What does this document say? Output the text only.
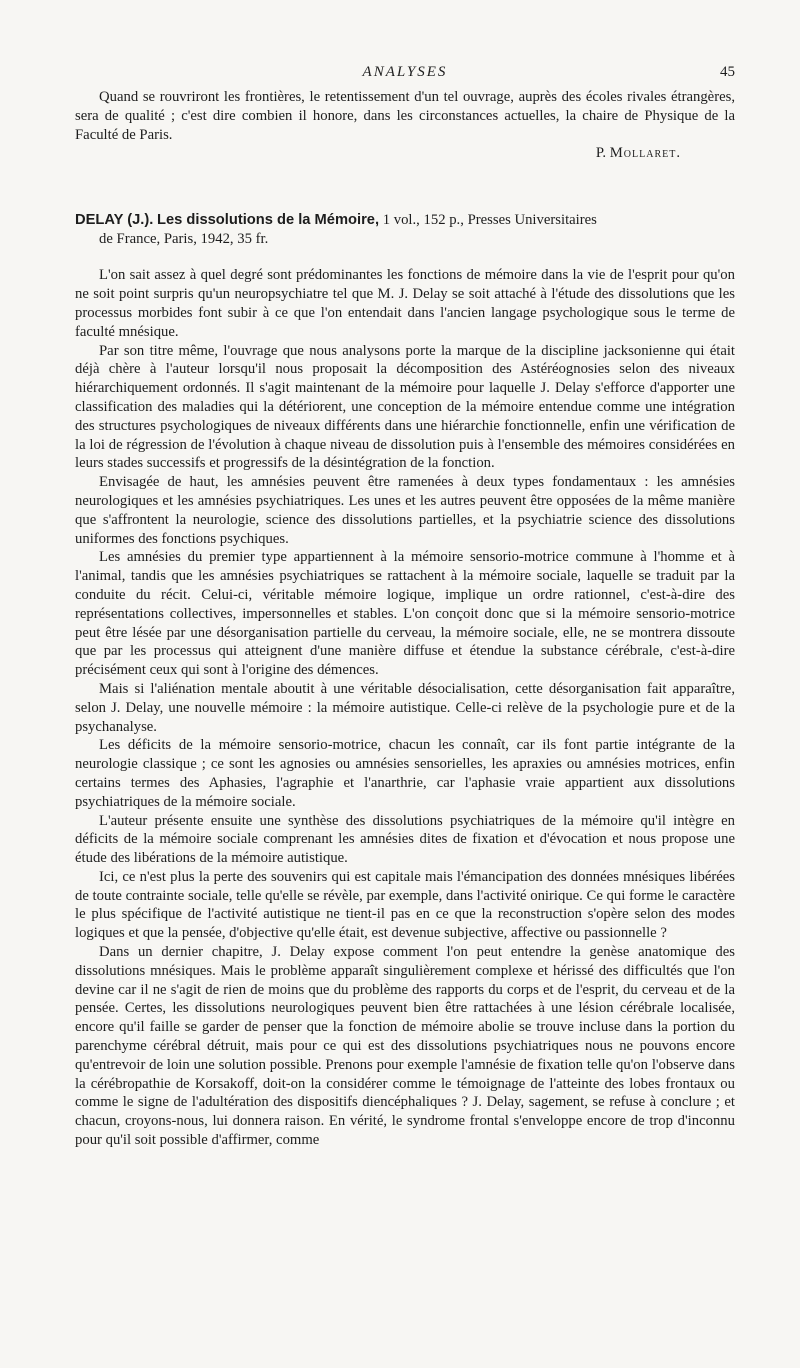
ANALYSES	45

Quand se rouvriront les frontières, le retentissement d'un tel ouvrage, auprès des écoles rivales étrangères, sera de qualité ; c'est dire combien il honore, dans les circonstances actuelles, la chaire de Physique de la Faculté de Paris.

P. Mollaret.
DELAY (J.). Les dissolutions de la Mémoire, 1 vol., 152 p., Presses Universitaires
de France, Paris, 1942, 35 fr.

L'on sait assez à quel degré sont prédominantes les fonctions de mémoire dans la vie de l'esprit pour qu'on ne soit point surpris qu'un neuropsychiatre tel que M. J. Delay se soit attaché à l'étude des dissolutions que les processus morbides font subir à ce que l'on entendait dans l'ancien langage psychologique sous le terme de faculté mnésique.

Par son titre même, l'ouvrage que nous analysons porte la marque de la discipline jacksonienne qui était déjà chère à l'auteur lorsqu'il nous proposait la décomposition des Astéréognosies selon des niveaux hiérarchiquement ordonnés. Il s'agit maintenant de la mémoire pour laquelle J. Delay s'efforce d'apporter une classification des maladies qui la détériorent, une conception de la mémoire entendue comme une intégration des structures psychologiques de niveaux différents dans une hiérarchie fonctionnelle, enfin une vérification de la loi de régression de l'évolution à chaque niveau de dissolution puis à l'ensemble des mémoires considérées en leurs stades successifs et progressifs de la désintégration de la fonction.

Envisagée de haut, les amnésies peuvent être ramenées à deux types fondamentaux : les amnésies neurologiques et les amnésies psychiatriques. Les unes et les autres peuvent être opposées de la même manière que s'affrontent la neurologie, science des dissolutions partielles, et la psychiatrie science des dissolutions uniformes des fonctions psychiques.

Les amnésies du premier type appartiennent à la mémoire sensorio-motrice commune à l'homme et à l'animal, tandis que les amnésies psychiatriques se rattachent à la mémoire sociale, laquelle se traduit par la conduite du récit. Celui-ci, véritable mémoire logique, implique un ordre rationnel, c'est-à-dire des représentations collectives, impersonnelles et stables. L'on conçoit donc que si la mémoire sensorio-motrice peut être lésée par une désorganisation partielle du cerveau, la mémoire sociale, elle, ne se montrera dissoute que par les processus qui atteignent d'une manière diffuse et étendue la substance cérébrale, c'est-à-dire précisément ceux qui sont à l'origine des démences.

Mais si l'aliénation mentale aboutit à une véritable désocialisation, cette désorganisation fait apparaître, selon J. Delay, une nouvelle mémoire : la mémoire autistique. Celle-ci relève de la psychologie pure et de la psychanalyse.

Les déficits de la mémoire sensorio-motrice, chacun les connaît, car ils font partie intégrante de la neurologie classique ; ce sont les agnosies ou amnésies sensorielles, les apraxies ou amnésies motrices, enfin certains termes des Aphasies, l'agraphie et l'anarthrie, car l'aphasie vraie appartient aux dissolutions psychiatriques de la mémoire sociale.

L'auteur présente ensuite une synthèse des dissolutions psychiatriques de la mémoire qu'il intègre en déficits de la mémoire sociale comprenant les amnésies dites de fixation et d'évocation et nous propose une étude des libérations de la mémoire autistique.

Ici, ce n'est plus la perte des souvenirs qui est capitale mais l'émancipation des données mnésiques libérées de toute contrainte sociale, telle qu'elle se révèle, par exemple, dans l'activité onirique. Ce qui forme le caractère le plus spécifique de l'activité autistique ne tient-il pas en ce que la reconstruction s'opère selon des modes logiques et que la pensée, d'objective qu'elle était, est devenue subjective, affective ou passionnelle ?

Dans un dernier chapitre, J. Delay expose comment l'on peut entendre la genèse anatomique des dissolutions mnésiques. Mais le problème apparaît singulièrement complexe et hérissé des difficultés que l'on devine car il ne s'agit de rien de moins que du problème des rapports du corps et de l'esprit, du cerveau et de la pensée. Certes, les dissolutions neurologiques peuvent bien être rattachées à une lésion cérébrale localisée, encore qu'il faille se garder de penser que la fonction de mémoire abolie se trouve incluse dans la portion du parenchyme cérébral détruit, mais pour ce qui est des dissolutions psychiatriques nous ne pouvons encore qu'entrevoir de loin une solution possible. Prenons pour exemple l'amnésie de fixation telle qu'on l'observe dans la cérébropathie de Korsakoff, doit-on la considérer comme le témoignage de l'atteinte des lobes frontaux ou comme le signe de l'adultération des dispositifs diencéphaliques ? J. Delay, sagement, se refuse à conclure ; et chacun, croyons-nous, lui donnera raison. En vérité, le syndrome frontal s'enveloppe encore de trop d'inconnu pour qu'il soit possible d'affirmer, comme
